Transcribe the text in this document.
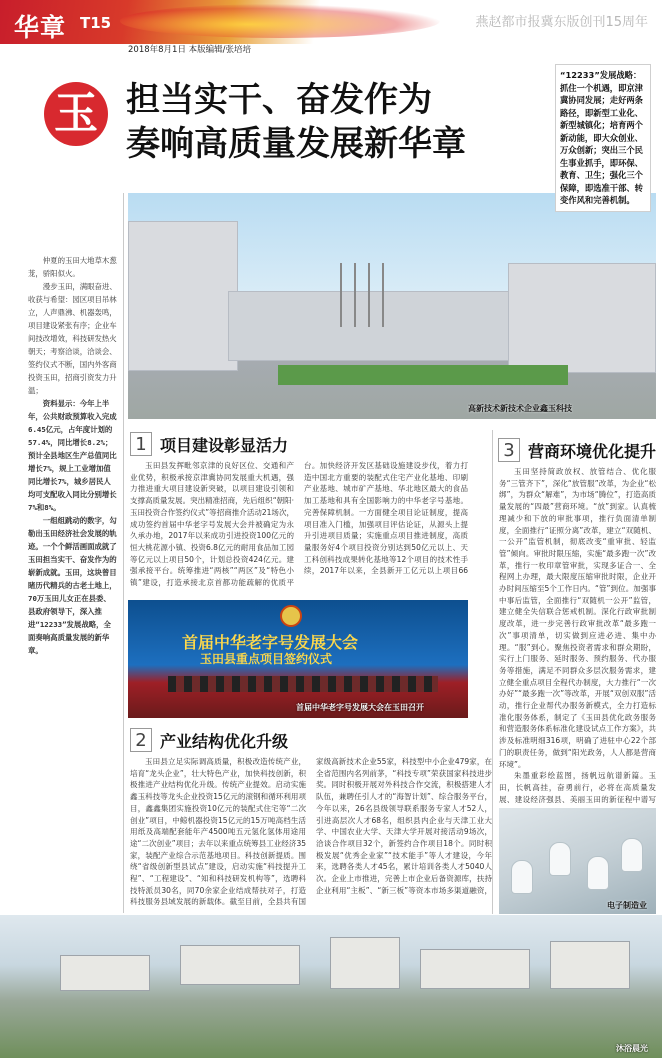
华章 T15	燕赵都市报冀东版创刊15周年
2018年8月1日 本版编辑/张培培
玉 担当实干、奋发作为
奏响高质量发展新华章
高新技术新技术企业鑫玉科技
“12233”发展战略：抓住一个机遇，即京津冀协同发展；走好两条路径，即新型工业化、新型城镇化；培育两个新动能，即大众创业、万众创新；突出三个民生事业抓手，即环保、教育、卫生；强化三个保障，即选准干部、转变作风和完善机制。

仲夏的玉田大地草木葱茏，骄阳似火。

漫步玉田，满眼奋进、收获与希望：园区项目吊林立，人声鼎沸、机器轰鸣，项目建设紧张有序；企业车间技改增效，科技研发热火朝天；考察洽谈，洽谈会、签约仪式不断，国内外客商投资玉田，招商引资发力升温；

资料显示：今年上半年，公共财政预算收入完成6.45亿元，占年度计划的57.4%，同比增长8.2%；预计全县地区生产总值同比增长7%，规上工业增加值同比增长7%，城乡居民人均可支配收入同比分别增长7%和8%。

一组组跳动的数字，勾勒出玉田经济社会发展的轨迹。一个个鲜活画面成就了玉田担当实干、奋发作为的崭新成就。玉田，这块曾目睹历代精兵的古老土地上，70万玉田儿女正在县委、县政府领导下，深入推进“12233”发展战略，全面奏响高质量发展的新华章。

1 项目建设彰显活力

玉田县发挥毗邻京津的良好区位、交通和产业优势，积极承接京津冀协同发展重大机遇，强力推进重大项目建设新突破，以项目建设引领和支撑高质量发展。突出精准招商，先后组织“朝阳·玉田投资合作签约仪式”等招商推介活动21场次，成功签约首届中华老字号发展大会并被确定为永久承办地，2017年以来成功引进投资100亿元的恒大桃花源小镇、投资6.8亿元的耐用食品加工园等亿元以上项目50个，计划总投资424亿元。建强承接平台。统筹推进“两核”“两区”及“特色小镇”建设，打造承接北京首都功能疏解的优质平台。加快经济开发区基础设施建设步伐，着力打造中国北方重要的装配式住宅产业化基地、印刷产业基地、城市矿产基地、华北地区最大的食品加工基地和具有全国影响力的中华老字号基地。完善保障机制。一方面健全项目论证制度，提高项目准入门槛，加强项目评估论证，从源头上提升引进项目质量；实施重点项目推进制度，高质量服务好4个项目投资分别达到50亿元以上、天工科创科技成果转化基地等12个项目的技术性手续，2017年以来，全县新开工亿元以上项目66

首届中华老字号发展大会
玉田县重点项目签约仪式
首届中华老字号发展大会在玉田召开
2 产业结构优化升级

玉田县立足实际调高质量，积极改造传统产业，培育“龙头企业”，壮大特色产业，加快科技创新，积极推进产业结构优化升级。传统产业提效。启动实施鑫玉科技等龙头企业投资15亿元的滚钢和循环利用项目，鑫鑫集团实施投资10亿元的装配式住宅等“二次创业”项目，中鲸机器投资15亿元的15万吨高档生活用纸及高端配套能年产4500吨五元氢化氢体用途用途“二次创业”项目；去年以来重点统筹县工业经济35家，装配产业综合示范基地项目。科技创新提质。围绕“省级创新型县试点”建设，启动实施“科技提升工程”、“工程建设”、“知和科技研发机构等”，选聘科技特派员30名，同70余家企业结成帮扶对子，打造科技服务县域发展的新载体。截至目前，全县共有国家级高新技术企业55家，科技型中小企业479家，在全省范围内名列前茅，“科技专项”荣获国家科技进步奖。同时积极开展对外科技合作交流，积极搭建人才队伍，兼聘任引人才的“海智计划”、综合服务平台，今年以来，26名县级领导联系服务专家人才52人，引进高层次人才68名，组织县内企业与天津工业大学、中国农业大学、天津大学开展对接活动9场次，洽谈合作项目32个，新签约合作项目18个。同时积极发展“优秀企业家”“技术能手”等人才建设，今年来，选聘各类人才45名，累计培训各类人才5040人次。企业上市推进，完善上市企业后备资源库，扶持企业利用“主板”、“新三板”等资本市场多渠道融资，

3 营商环境优化提升

玉田坚持简政放权、放管结合、优化服务“三管齐下”，深化“放管服”改革，为企业“松绑”，为群众“解难”，为市场“腾位”，打造高质量发展的“四最”营商环境。“放”到家。认真梳理减少和下放的审批事项，推行负面清单制度，全面推行“证照分离”改革，建立“双随机、一公开”监管机制，彻底改变“重审批、轻监管”倾向。审批时限压缩，实施“最多跑一次”改革，推行一枚印章管审批，实现多证合一、全程网上办理，最大限度压缩审批时限，企业开办时间压缩至5个工作日内。“管”到位。加强事中事后监管，全面推行“双随机一公开”监管，建立健全失信联合惩戒机制。深化行政审批制度改革，进一步完善行政审批改革“最多跑一次”事项清单，切实做到应进必进、集中办理。“服”到心。聚焦投资者需求和群众期盼，实行上门服务、延时服务、预约服务、代办服务等措施，满足不同群众多层次服务需求，建立健全重点项目全程代办制度，大力推行“一次办好”“最多跑一次”等改革，开展“双创双服”活动，推行企业帮代办服务新模式，全力打造标准化服务体系，制定了《玉田县优化政务服务和营造服务体系标准化建设试点工作方案》，共涉及标准明细316项，明确了进驻中心22个部门的职责任务，做到“阳光政务，人人都是营商环境”。

朱墨重彩绘蓝图，扬帆远航谱新篇。玉田，长帆高挂，奋勇前行，必将在高质量发展、建设经济强县、美丽玉田的新征程中谱写

电子制造业
沐浴晨光
